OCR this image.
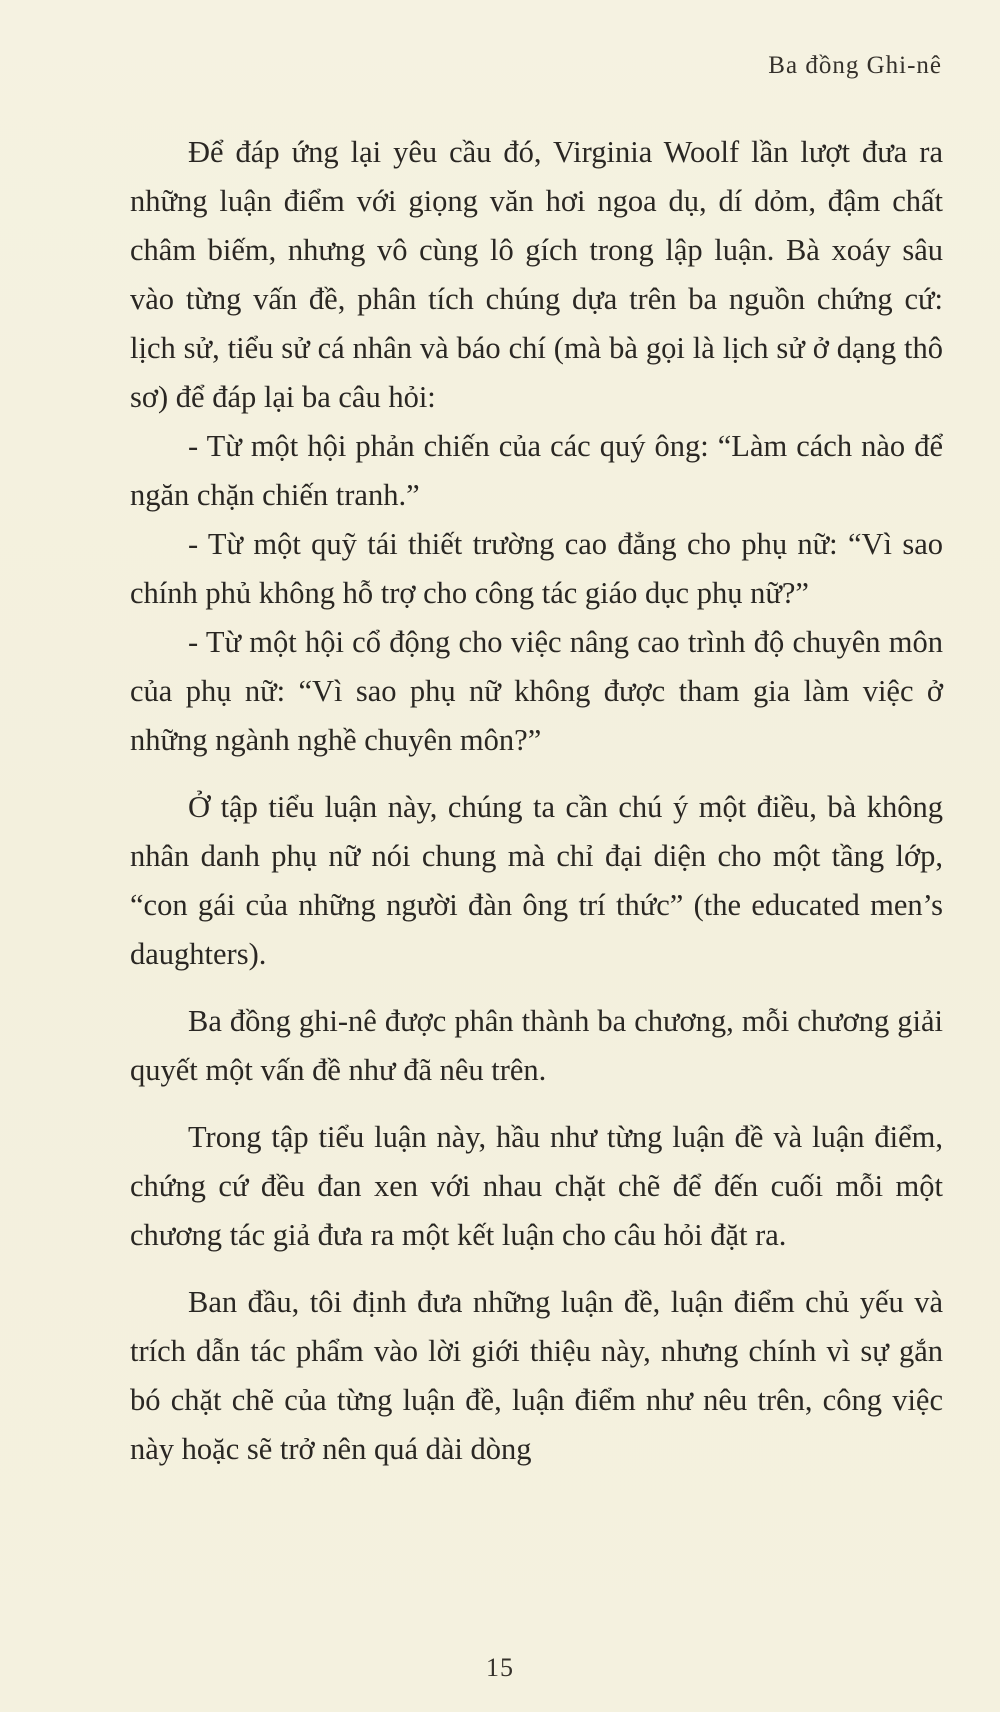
Ba đồng Ghi-nê

Để đáp ứng lại yêu cầu đó, Virginia Woolf lần lượt đưa ra những luận điểm với giọng văn hơi ngoa dụ, dí dỏm, đậm chất châm biếm, nhưng vô cùng lô gích trong lập luận. Bà xoáy sâu vào từng vấn đề, phân tích chúng dựa trên ba nguồn chứng cứ: lịch sử, tiểu sử cá nhân và báo chí (mà bà gọi là lịch sử ở dạng thô sơ) để đáp lại ba câu hỏi:

- Từ một hội phản chiến của các quý ông: “Làm cách nào để ngăn chặn chiến tranh.”

- Từ một quỹ tái thiết trường cao đẳng cho phụ nữ: “Vì sao chính phủ không hỗ trợ cho công tác giáo dục phụ nữ?”

- Từ một hội cổ động cho việc nâng cao trình độ chuyên môn của phụ nữ: “Vì sao phụ nữ không được tham gia làm việc ở những ngành nghề chuyên môn?”

Ở tập tiểu luận này, chúng ta cần chú ý một điều, bà không nhân danh phụ nữ nói chung mà chỉ đại diện cho một tầng lớp, “con gái của những người đàn ông trí thức” (the educated men’s daughters).

Ba đồng ghi-nê được phân thành ba chương, mỗi chương giải quyết một vấn đề như đã nêu trên.

Trong tập tiểu luận này, hầu như từng luận đề và luận điểm, chứng cứ đều đan xen với nhau chặt chẽ để đến cuối mỗi một chương tác giả đưa ra một kết luận cho câu hỏi đặt ra.

Ban đầu, tôi định đưa những luận đề, luận điểm chủ yếu và trích dẫn tác phẩm vào lời giới thiệu này, nhưng chính vì sự gắn bó chặt chẽ của từng luận đề, luận điểm như nêu trên, công việc này hoặc sẽ trở nên quá dài dòng

15
